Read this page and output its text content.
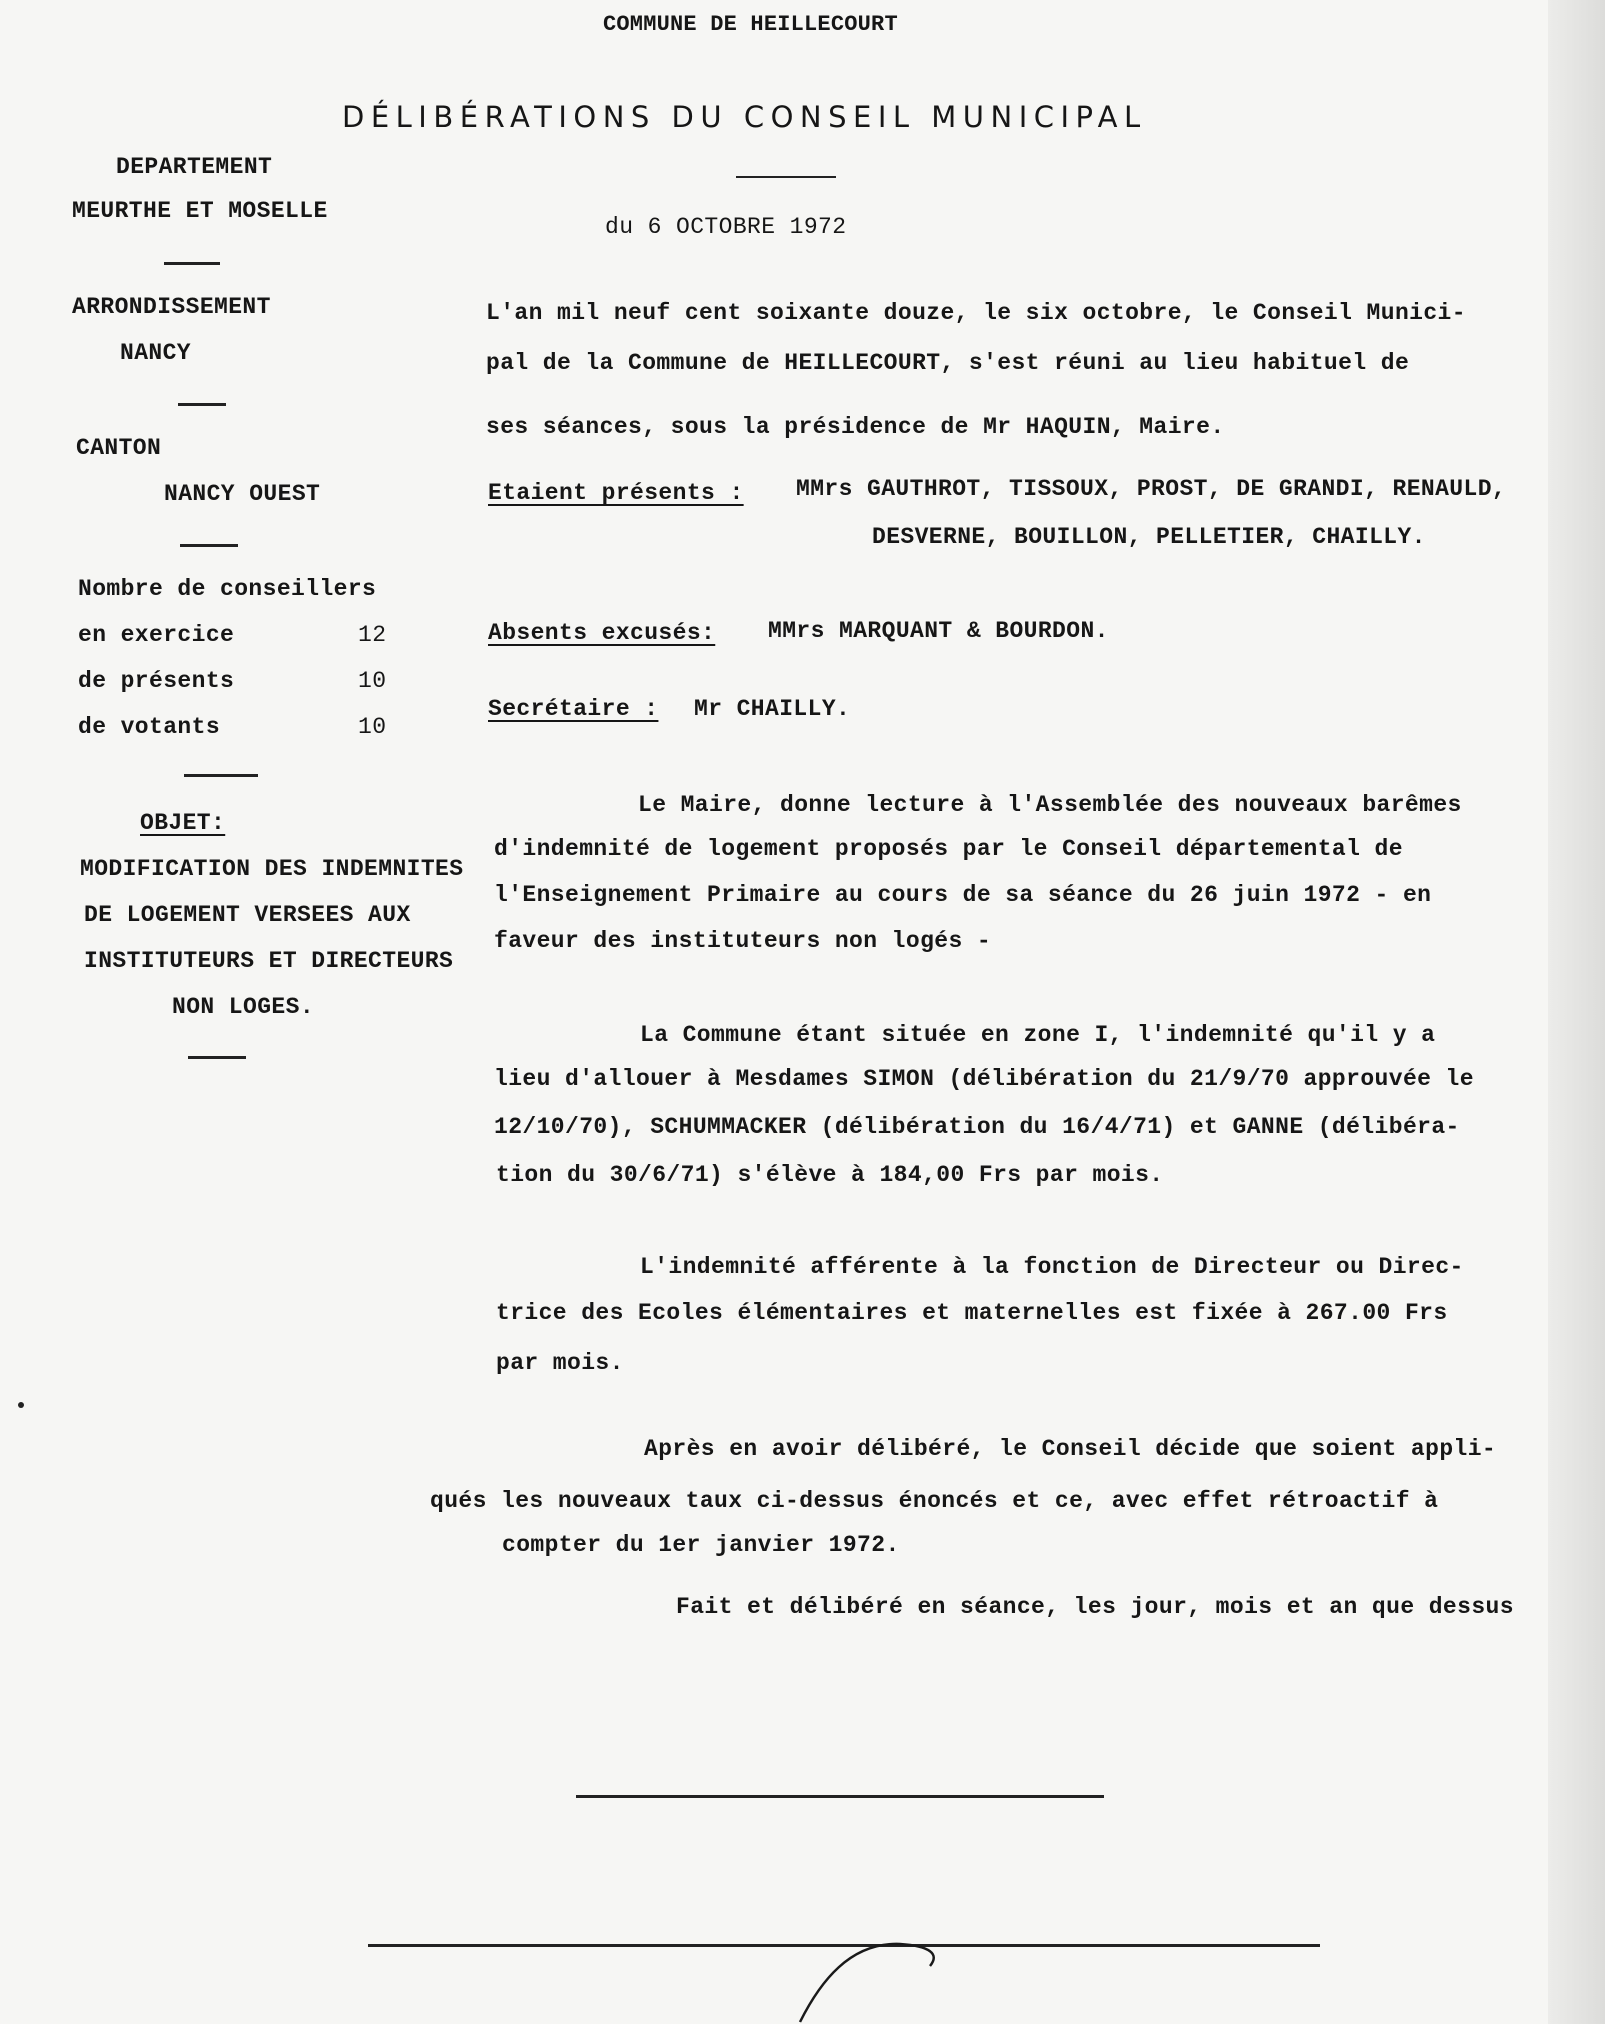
COMMUNE DE HEILLECOURT
DÉLIBÉRATIONS DU CONSEIL MUNICIPAL
du 6 OCTOBRE 1972
DEPARTEMENT
MEURTHE ET MOSELLE
ARRONDISSEMENT
NANCY
CANTON
NANCY OUEST
Nombre de conseillers
en exercice	12
de présents	10
de votants	10
OBJET:
MODIFICATION DES INDEMNITES
DE LOGEMENT VERSEES AUX
INSTITUTEURS ET DIRECTEURS
NON LOGES.
L'an mil neuf cent soixante douze, le six octobre, le Conseil Munici-
pal de la Commune de HEILLECOURT, s'est réuni au lieu habituel de
ses séances, sous la présidence de Mr HAQUIN, Maire.
Etaient présents : MMrs GAUTHROT, TISSOUX, PROST, DE GRANDI, RENAULD,
DESVERNE, BOUILLON, PELLETIER, CHAILLY.
Absents excusés: MMrs MARQUANT & BOURDON.
Secrétaire : Mr CHAILLY.
Le Maire, donne lecture à l'Assemblée des nouveaux barêmes
d'indemnité de logement proposés par le Conseil départemental de
l'Enseignement Primaire au cours de sa séance du 26 juin 1972 - en
faveur des instituteurs non logés -
La Commune étant située en zone I, l'indemnité qu'il y a
lieu d'allouer à Mesdames SIMON (délibération du 21/9/70 approuvée le
12/10/70), SCHUMMACKER (délibération du 16/4/71) et GANNE (délibéra-
tion du 30/6/71) s'élève à 184,00 Frs par mois.
L'indemnité afférente à la fonction de Directeur ou Direc-
trice des Ecoles élémentaires et maternelles est fixée à 267.00 Frs
par mois.
Après en avoir délibéré, le Conseil décide que soient appli-
qués les nouveaux taux ci-dessus énoncés et ce, avec effet rétroactif à
compter du 1er janvier 1972.
Fait et délibéré en séance, les jour, mois et an que dessus
